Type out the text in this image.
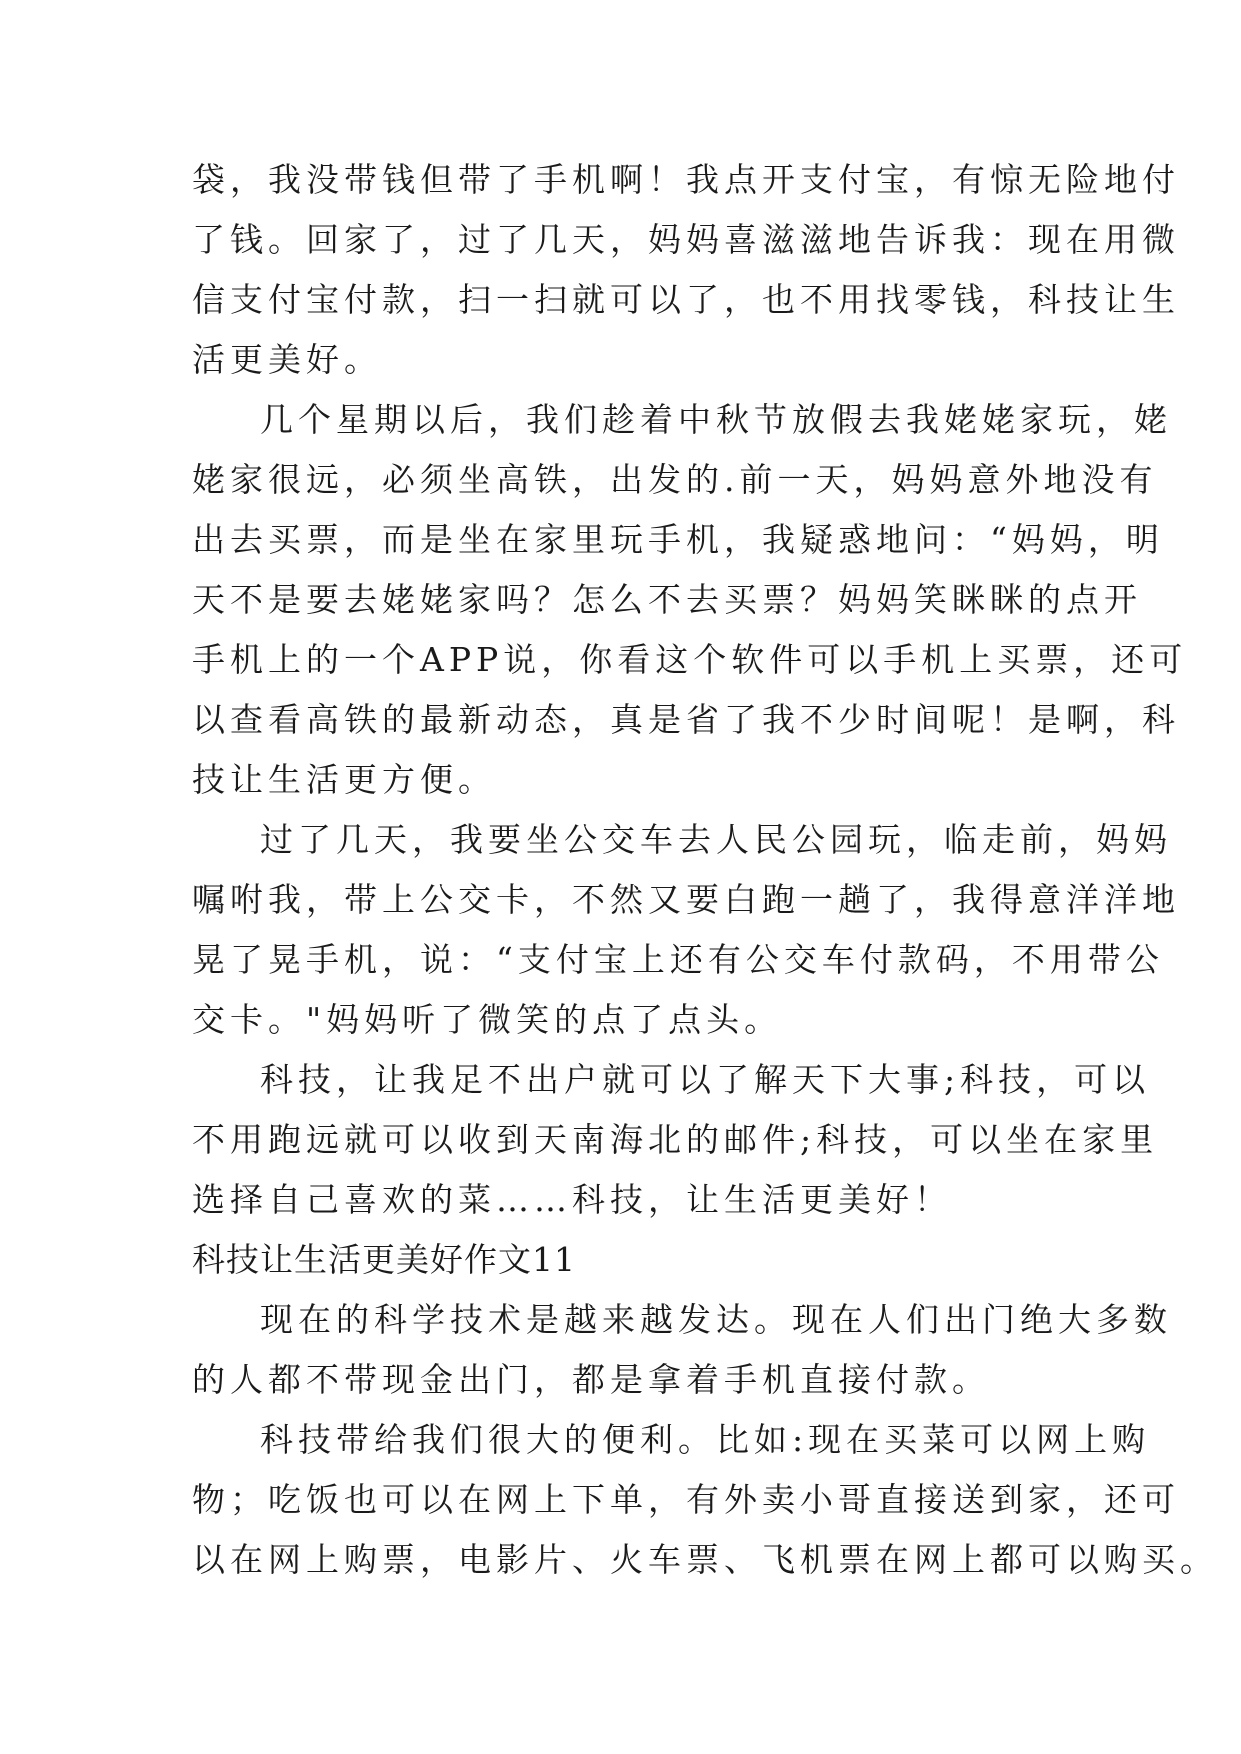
袋，我没带钱但带了手机啊！我点开支付宝，有惊无险地付
了钱。回家了，过了几天，妈妈喜滋滋地告诉我：现在用微
信支付宝付款，扫一扫就可以了，也不用找零钱，科技让生
活更美好。
几个星期以后，我们趁着中秋节放假去我姥姥家玩，姥
姥家很远，必须坐高铁，出发的.前一天，妈妈意外地没有
出去买票，而是坐在家里玩手机，我疑惑地问：“妈妈，明
天不是要去姥姥家吗？怎么不去买票？妈妈笑眯眯的点开
手机上的一个APP说，你看这个软件可以手机上买票，还可
以查看高铁的最新动态，真是省了我不少时间呢！是啊，科
技让生活更方便。
过了几天，我要坐公交车去人民公园玩，临走前，妈妈
嘱咐我，带上公交卡，不然又要白跑一趟了，我得意洋洋地
晃了晃手机，说：“支付宝上还有公交车付款码，不用带公
交卡。"妈妈听了微笑的点了点头。
科技，让我足不出户就可以了解天下大事;科技，可以
不用跑远就可以收到天南海北的邮件;科技，可以坐在家里
选择自己喜欢的菜……科技，让生活更美好！
科技让生活更美好作文11
现在的科学技术是越来越发达。现在人们出门绝大多数
的人都不带现金出门，都是拿着手机直接付款。
科技带给我们很大的便利。比如:现在买菜可以网上购
物；吃饭也可以在网上下单，有外卖小哥直接送到家，还可
以在网上购票，电影片、火车票、飞机票在网上都可以购买。
